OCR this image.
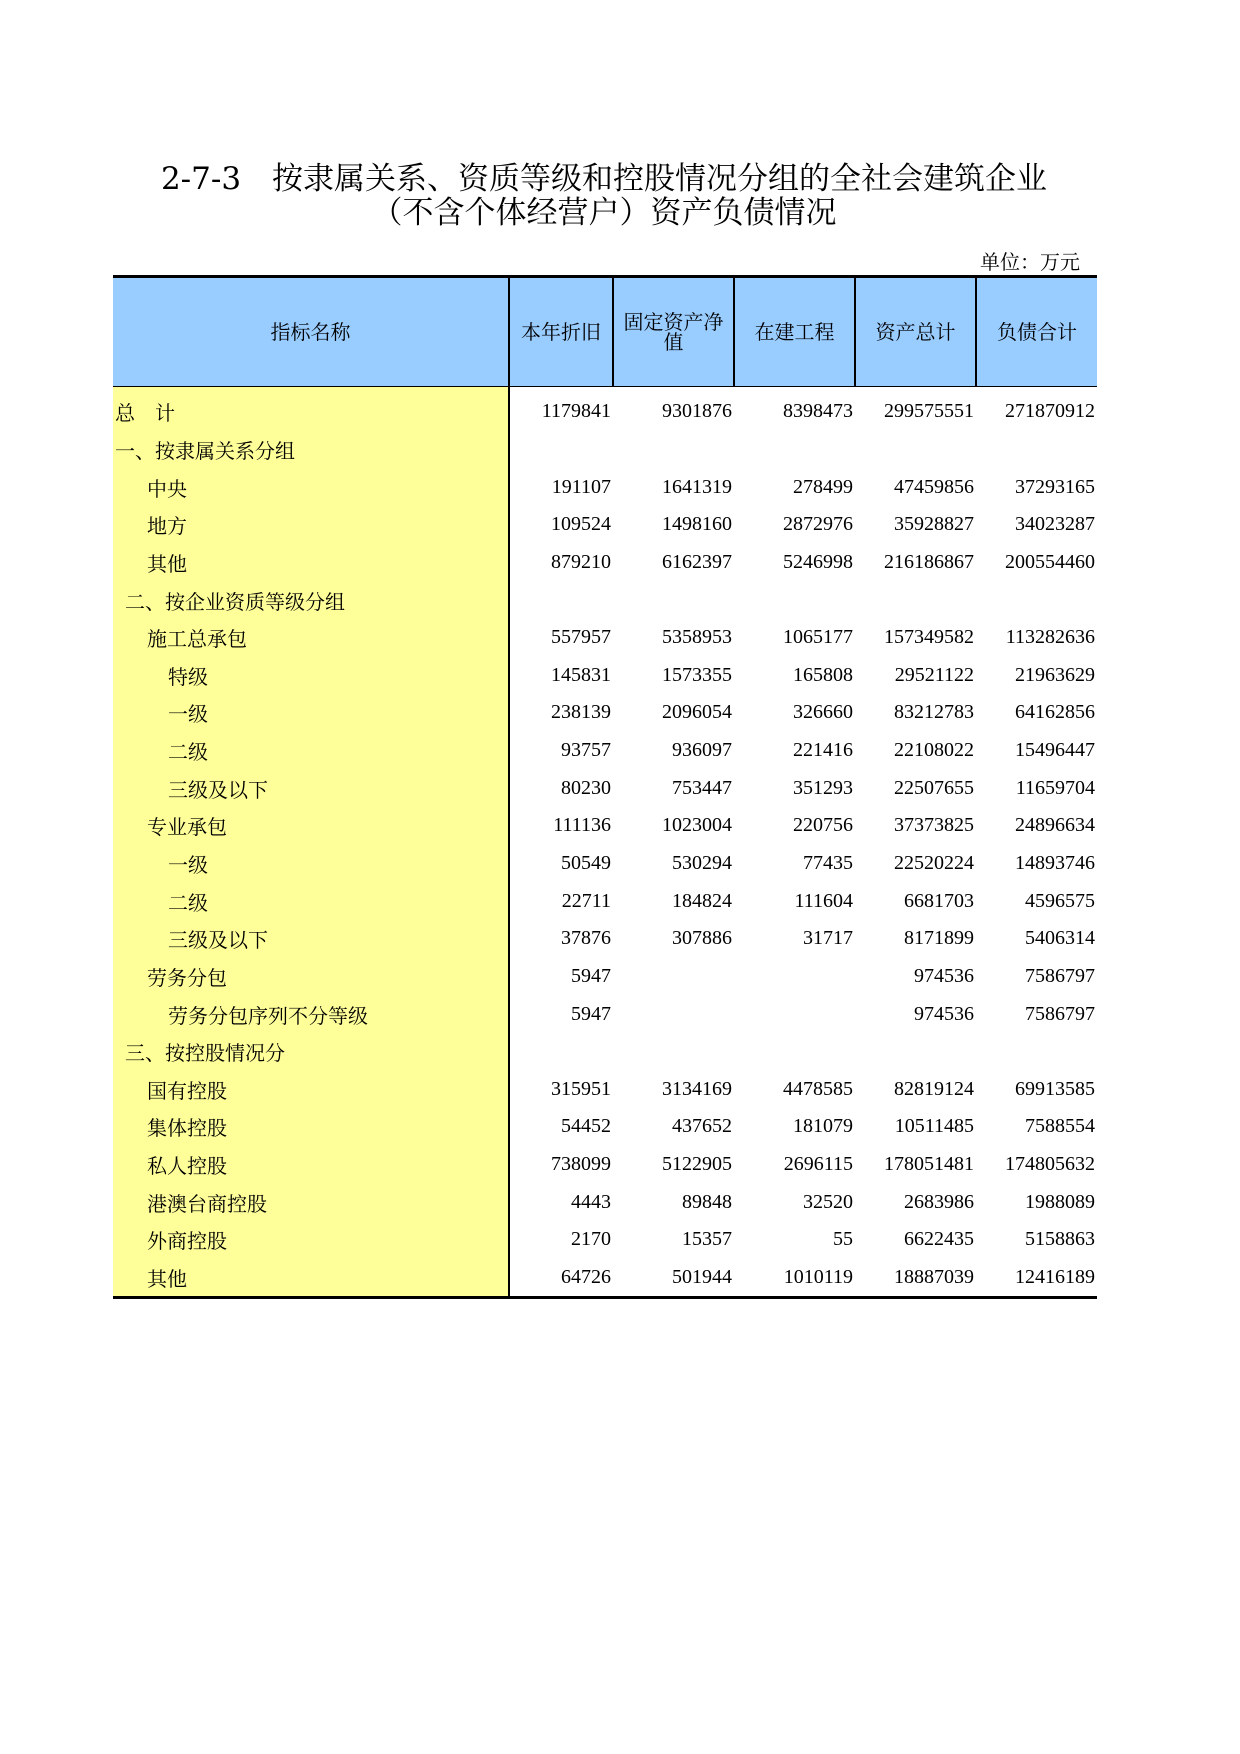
2-7-3　按隶属关系、资质等级和控股情况分组的全社会建筑企业
（不含个体经营户）资产负债情况
单位：万元
指标名称	本年折旧	固定资产净值	在建工程	资产总计	负债合计
总　计	1179841	9301876	8398473	299575551	271870912
一、按隶属关系分组					
中央	191107	1641319	278499	47459856	37293165
地方	109524	1498160	2872976	35928827	34023287
其他	879210	6162397	5246998	216186867	200554460
二、按企业资质等级分组					
施工总承包	557957	5358953	1065177	157349582	113282636
特级	145831	1573355	165808	29521122	21963629
一级	238139	2096054	326660	83212783	64162856
二级	93757	936097	221416	22108022	15496447
三级及以下	80230	753447	351293	22507655	11659704
专业承包	111136	1023004	220756	37373825	24896634
一级	50549	530294	77435	22520224	14893746
二级	22711	184824	111604	6681703	4596575
三级及以下	37876	307886	31717	8171899	5406314
劳务分包	5947			974536	7586797
劳务分包序列不分等级	5947			974536	7586797
三、按控股情况分					
国有控股	315951	3134169	4478585	82819124	69913585
集体控股	54452	437652	181079	10511485	7588554
私人控股	738099	5122905	2696115	178051481	174805632
港澳台商控股	4443	89848	32520	2683986	1988089
外商控股	2170	15357	55	6622435	5158863
其他	64726	501944	1010119	18887039	12416189
